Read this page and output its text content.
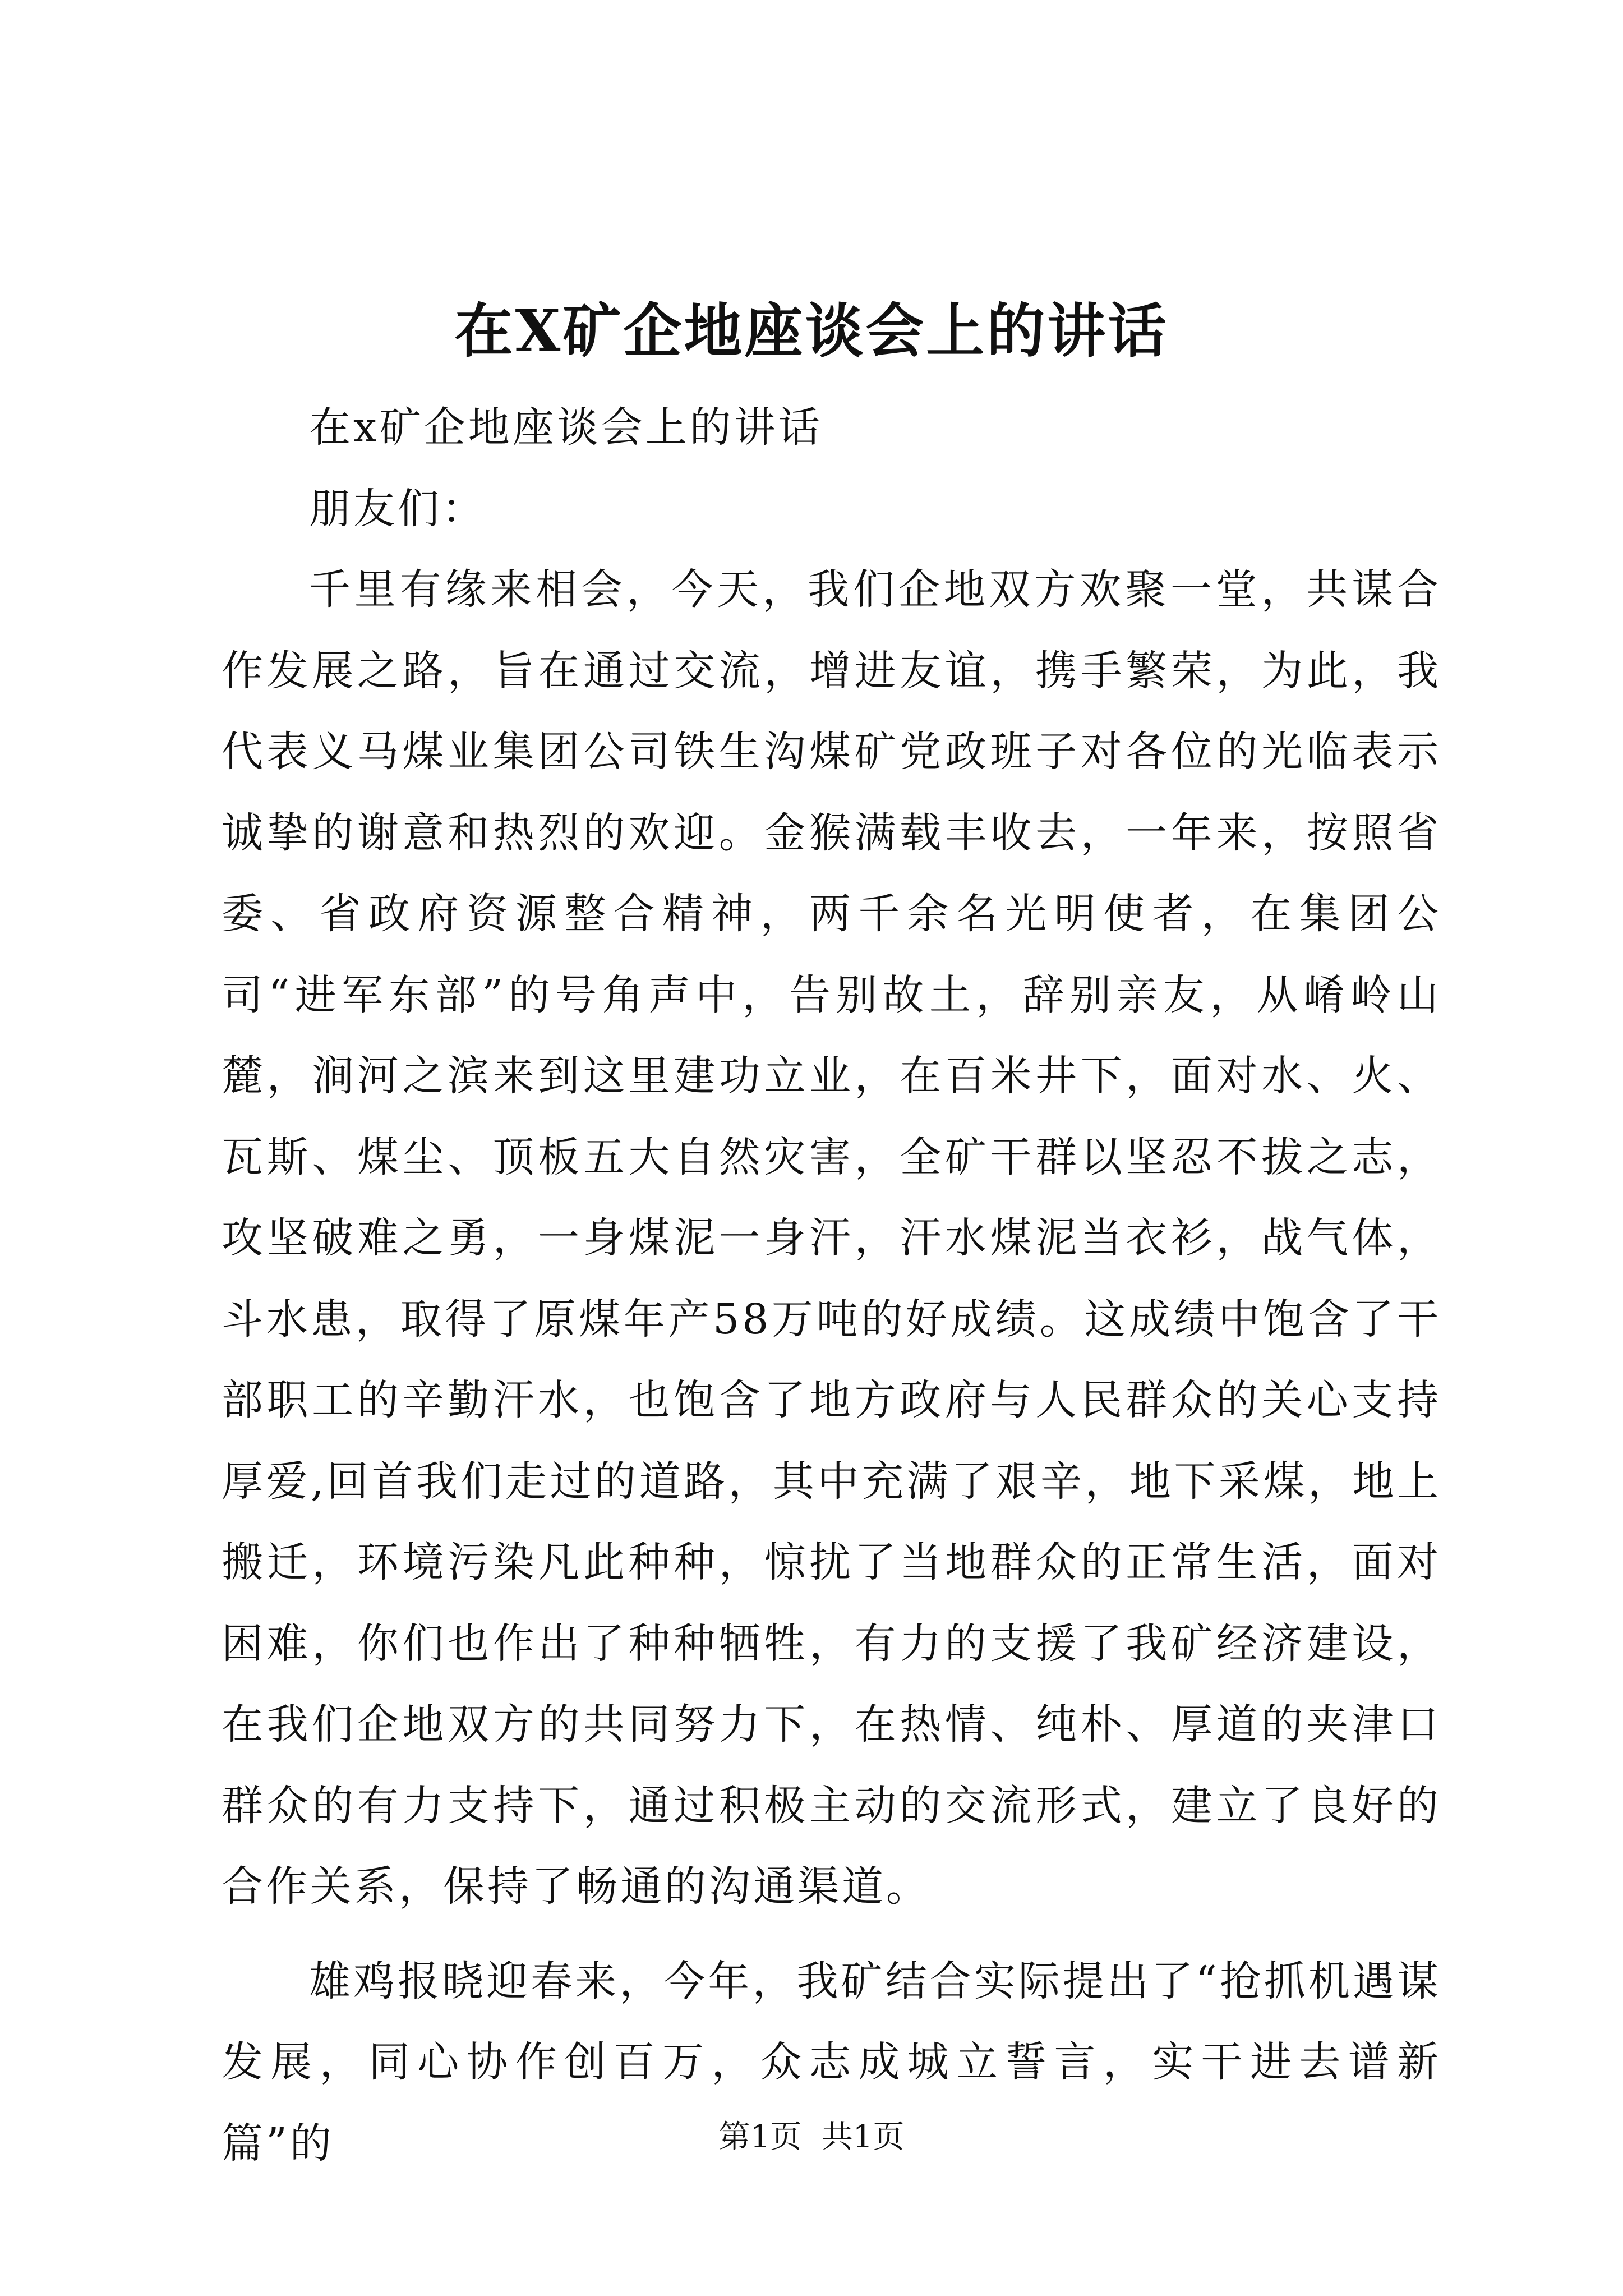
在X矿企地座谈会上的讲话

在x矿企地座谈会上的讲话

朋友们：

千里有缘来相会，今天，我们企地双方欢聚一堂，共谋合作发展之路，旨在通过交流，增进友谊，携手繁荣，为此，我代表义马煤业集团公司铁生沟煤矿党政班子对各位的光临表示诚挚的谢意和热烈的欢迎。金猴满载丰收去，一年来，按照省委、省政府资源整合精神，两千余名光明使者，在集团公司“进军东部”的号角声中，告别故土，辞别亲友，从崤岭山麓，涧河之滨来到这里建功立业，在百米井下，面对水、火、瓦斯、煤尘、顶板五大自然灾害，全矿干群以坚忍不拔之志，攻坚破难之勇，一身煤泥一身汗，汗水煤泥当衣衫，战气体，斗水患，取得了原煤年产58万吨的好成绩。这成绩中饱含了干部职工的辛勤汗水，也饱含了地方政府与人民群众的关心支持厚爱,回首我们走过的道路，其中充满了艰辛，地下采煤，地上搬迁，环境污染凡此种种，惊扰了当地群众的正常生活，面对困难，你们也作出了种种牺牲，有力的支援了我矿经济建设，在我们企地双方的共同努力下，在热情、纯朴、厚道的夹津口群众的有力支持下，通过积极主动的交流形式，建立了良好的合作关系，保持了畅通的沟通渠道。

雄鸡报晓迎春来，今年，我矿结合实际提出了“抢抓机遇谋发展，同心协作创百万，众志成城立誓言，实干进去谱新篇”的	第1页  共1页
